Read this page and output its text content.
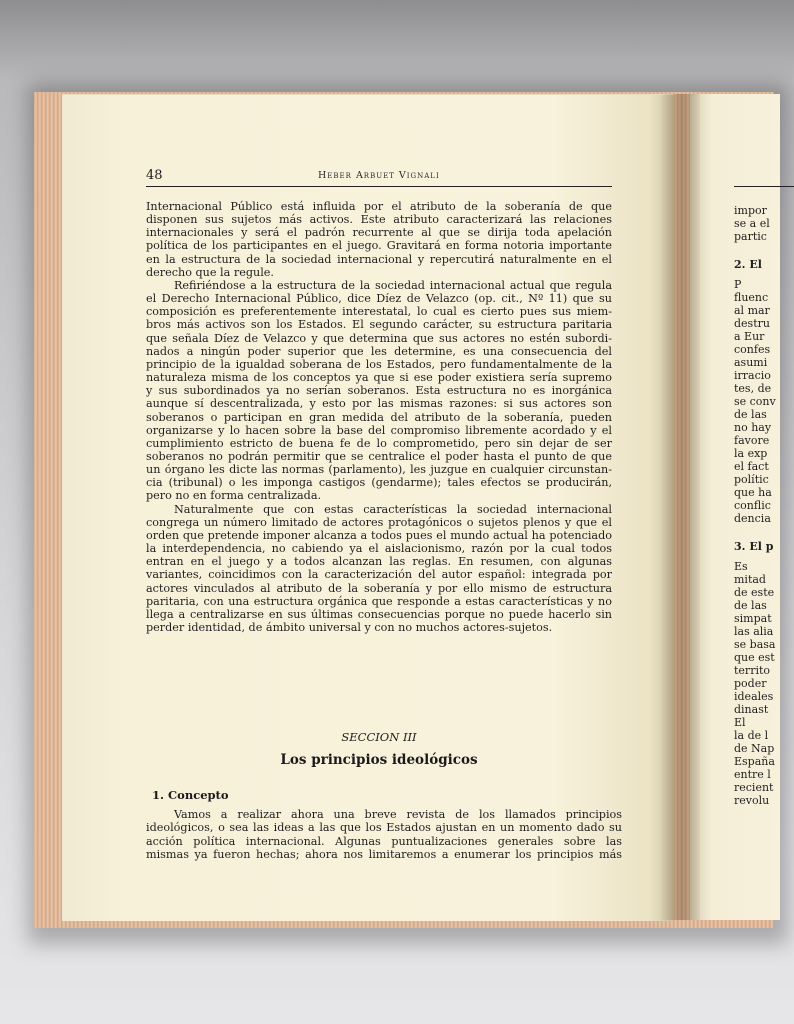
impor
se a el
partic
2. El
P
fluenc
al mar
destru
a Eur
confes
asumi
irracio
tes, de
se conv
de las
no hay
favore
la exp
el fact
polític
que ha
conflic
dencia
3. El p
Es
mitad
de este
de las
simpat
las alia
se basa
que est
territo
poder
ideales
dinast
El
la de l
de Nap
España
entre l
recient
revolu
48	Heber Arbuet Vignali
Internacional Público está influida por el atributo de la soberanía de que
disponen sus sujetos más activos. Este atributo caracterizará las relaciones
internacionales y será el padrón recurrente al que se dirija toda apelación
política de los participantes en el juego. Gravitará en forma notoria importante
en la estructura de la sociedad internacional y repercutirá naturalmente en el
derecho que la regule.
Refiriéndose a la estructura de la sociedad internacional actual que regula
el Derecho Internacional Público, dice Díez de Velazco (op. cit., Nº 11) que su
composición es preferentemente interestatal, lo cual es cierto pues sus miem-
bros más activos son los Estados. El segundo carácter, su estructura paritaria
que señala Díez de Velazco y que determina que sus actores no estén subordi-
nados a ningún poder superior que les determine, es una consecuencia del
principio de la igualdad soberana de los Estados, pero fundamentalmente de la
naturaleza misma de los conceptos ya que si ese poder existiera sería supremo
y sus subordinados ya no serían soberanos. Esta estructura no es inorgánica
aunque sí descentralizada, y esto por las mismas razones: si sus actores son
soberanos o participan en gran medida del atributo de la soberanía, pueden
organizarse y lo hacen sobre la base del compromiso libremente acordado y el
cumplimiento estricto de buena fe de lo comprometido, pero sin dejar de ser
soberanos no podrán permitir que se centralice el poder hasta el punto de que
un órgano les dicte las normas (parlamento), les juzgue en cualquier circunstan-
cia (tribunal) o les imponga castigos (gendarme); tales efectos se producirán,
pero no en forma centralizada.
Naturalmente que con estas características la sociedad internacional
congrega un número limitado de actores protagónicos o sujetos plenos y que el
orden que pretende imponer alcanza a todos pues el mundo actual ha potenciado
la interdependencia, no cabiendo ya el aislacionismo, razón por la cual todos
entran en el juego y a todos alcanzan las reglas. En resumen, con algunas
variantes, coincidimos con la caracterización del autor español: integrada por
actores vinculados al atributo de la soberanía y por ello mismo de estructura
paritaria, con una estructura orgánica que responde a estas características y no
llega a centralizarse en sus últimas consecuencias porque no puede hacerlo sin
perder identidad, de ámbito universal y con no muchos actores-sujetos.
SECCION III
Los principios ideológicos
1. Concepto
Vamos a realizar ahora una breve revista de los llamados principios
ideológicos, o sea las ideas a las que los Estados ajustan en un momento dado su
acción política internacional. Algunas puntualizaciones generales sobre las
mismas ya fueron hechas; ahora nos limitaremos a enumerar los principios más
